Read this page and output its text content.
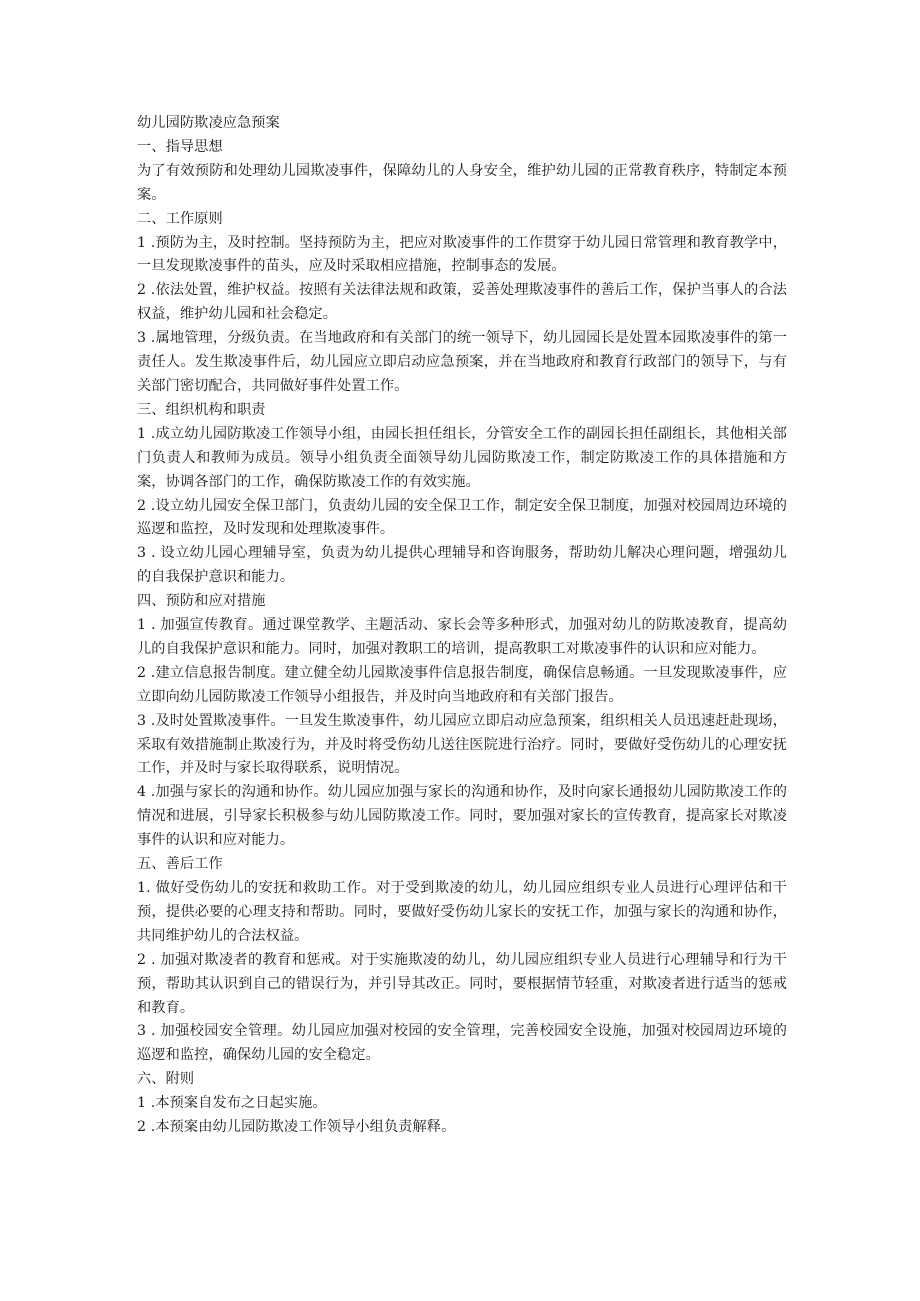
幼儿园防欺凌应急预案

一、指导思想

为了有效预防和处理幼儿园欺凌事件，保障幼儿的人身安全，维护幼儿园的正常教育秩序，特制定本预案。

二、工作原则

1 .预防为主，及时控制。坚持预防为主，把应对欺凌事件的工作贯穿于幼儿园日常管理和教育教学中，一旦发现欺凌事件的苗头，应及时采取相应措施，控制事态的发展。

2 .依法处置，维护权益。按照有关法律法规和政策，妥善处理欺凌事件的善后工作，保护当事人的合法权益，维护幼儿园和社会稳定。

3 .属地管理，分级负责。在当地政府和有关部门的统一领导下，幼儿园园长是处置本园欺凌事件的第一责任人。发生欺凌事件后，幼儿园应立即启动应急预案，并在当地政府和教育行政部门的领导下，与有关部门密切配合，共同做好事件处置工作。

三、组织机构和职责

1 .成立幼儿园防欺凌工作领导小组，由园长担任组长，分管安全工作的副园长担任副组长，其他相关部门负责人和教师为成员。领导小组负责全面领导幼儿园防欺凌工作，制定防欺凌工作的具体措施和方案，协调各部门的工作，确保防欺凌工作的有效实施。

2 .设立幼儿园安全保卫部门，负责幼儿园的安全保卫工作，制定安全保卫制度，加强对校园周边环境的巡逻和监控，及时发现和处理欺凌事件。

3 . 设立幼儿园心理辅导室，负责为幼儿提供心理辅导和咨询服务，帮助幼儿解决心理问题，增强幼儿的自我保护意识和能力。

四、预防和应对措施

1 . 加强宣传教育。通过课堂教学、主题活动、家长会等多种形式，加强对幼儿的防欺凌教育，提高幼儿的自我保护意识和能力。同时，加强对教职工的培训，提高教职工对欺凌事件的认识和应对能力。

2 .建立信息报告制度。建立健全幼儿园欺凌事件信息报告制度，确保信息畅通。一旦发现欺凌事件，应立即向幼儿园防欺凌工作领导小组报告，并及时向当地政府和有关部门报告。

3 .及时处置欺凌事件。一旦发生欺凌事件，幼儿园应立即启动应急预案，组织相关人员迅速赶赴现场，采取有效措施制止欺凌行为，并及时将受伤幼儿送往医院进行治疗。同时，要做好受伤幼儿的心理安抚工作，并及时与家长取得联系，说明情况。

4 .加强与家长的沟通和协作。幼儿园应加强与家长的沟通和协作，及时向家长通报幼儿园防欺凌工作的情况和进展，引导家长积极参与幼儿园防欺凌工作。同时，要加强对家长的宣传教育，提高家长对欺凌事件的认识和应对能力。

五、善后工作

1. 做好受伤幼儿的安抚和救助工作。对于受到欺凌的幼儿，幼儿园应组织专业人员进行心理评估和干预，提供必要的心理支持和帮助。同时，要做好受伤幼儿家长的安抚工作，加强与家长的沟通和协作，共同维护幼儿的合法权益。

2 . 加强对欺凌者的教育和惩戒。对于实施欺凌的幼儿，幼儿园应组织专业人员进行心理辅导和行为干预，帮助其认识到自己的错误行为，并引导其改正。同时，要根据情节轻重，对欺凌者进行适当的惩戒和教育。

3 . 加强校园安全管理。幼儿园应加强对校园的安全管理，完善校园安全设施，加强对校园周边环境的巡逻和监控，确保幼儿园的安全稳定。

六、附则

1 .本预案自发布之日起实施。

2 .本预案由幼儿园防欺凌工作领导小组负责解释。
